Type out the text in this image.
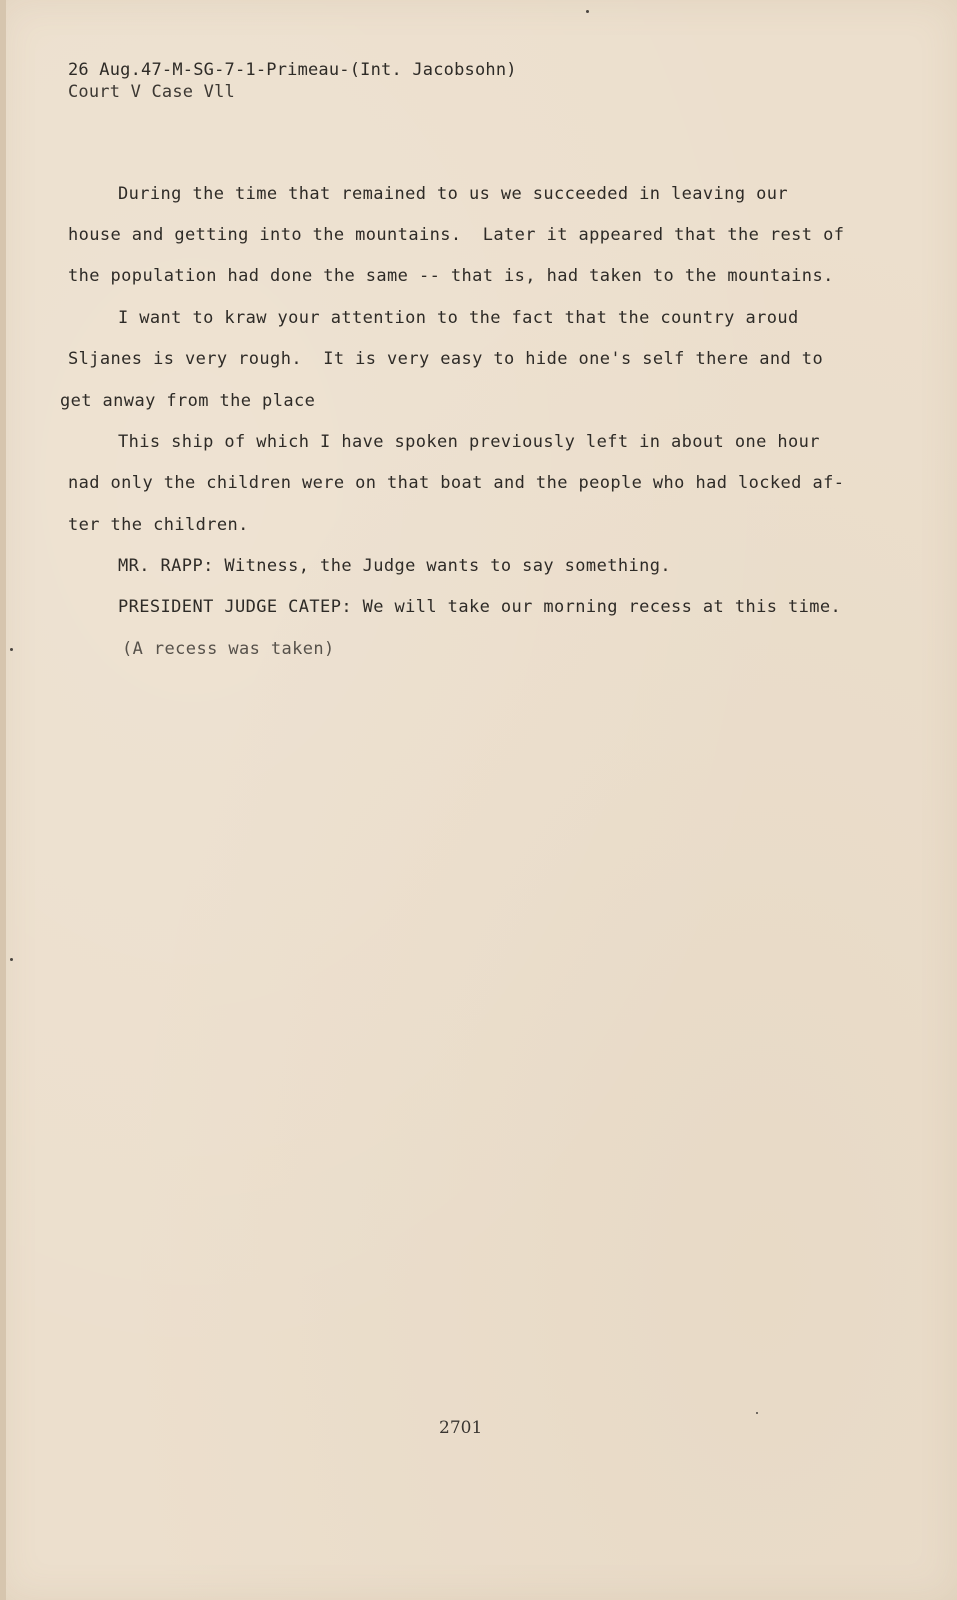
26 Aug.47-M-SG-7-1-Primeau-(Int. Jacobsohn)
Court V Case Vll
During the time that remained to us we succeeded in leaving our
house and getting into the mountains.  Later it appeared that the rest of
the population had done the same -- that is, had taken to the mountains.
I want to kraw your attention to the fact that the country aroud
Sljanes is very rough.  It is very easy to hide one's self there and to
get anway from the place
This ship of which I have spoken previously left in about one hour
nad only the children were on that boat and the people who had locked af-
ter the children.
MR. RAPP: Witness, the Judge wants to say something.
PRESIDENT JUDGE CATEP: We will take our morning recess at this time.
(A recess was taken)
2701
